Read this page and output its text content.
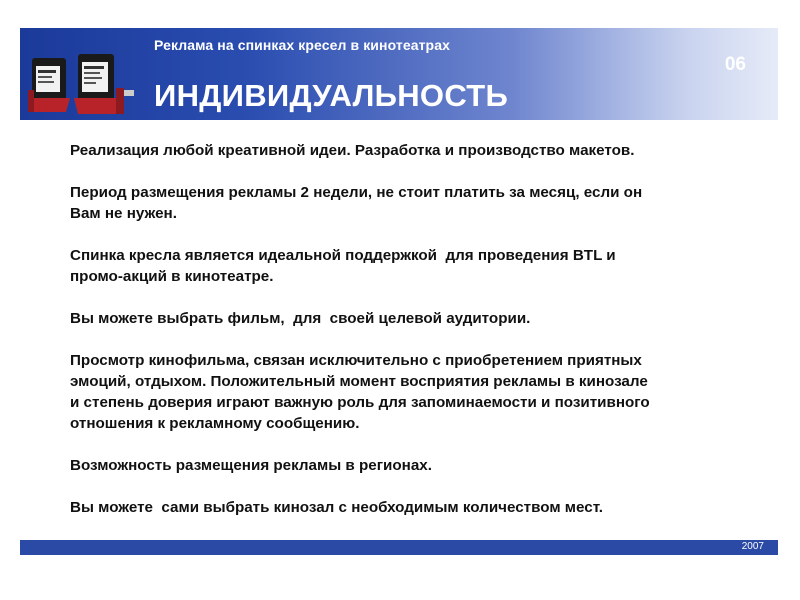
Реклама на спинках кресел в кинотеатрах
ИНДИВИДУАЛЬНОСТЬ
06
Реализация любой креативной идеи. Разработка и производство макетов.
Период размещения рекламы 2 недели, не стоит платить за месяц, если он
Вам не нужен.
Спинка кресла является идеальной поддержкой  для проведения BTL и
промо-акций в кинотеатре.
Вы можете выбрать фильм,  для  своей целевой аудитории.
Просмотр кинофильма, связан исключительно с приобретением приятных
эмоций, отдыхом. Положительный момент восприятия рекламы в кинозале
и степень доверия играют важную роль для запоминаемости и позитивного
отношения к рекламному сообщению.
Возможность размещения рекламы в регионах.
Вы можете  сами выбрать кинозал с необходимым количеством мест.
2007
